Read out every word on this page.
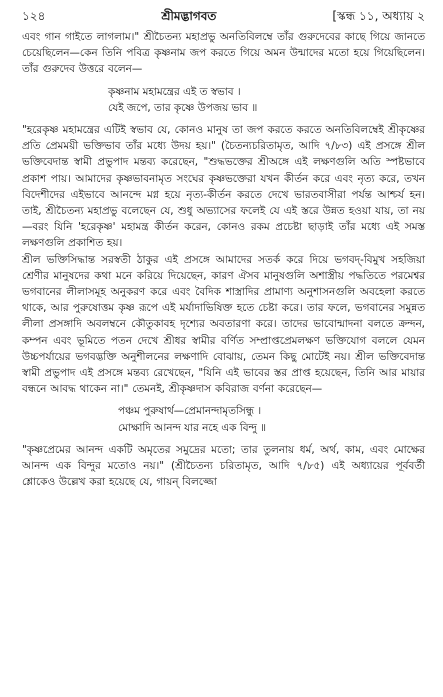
১২৪	শ্রীমদ্ভাগবত	[স্কন্ধ ১১, অধ্যায় ২

এবং গান গাইতে লাগলাম।" শ্রীচৈতন্য মহাপ্রভু অনতিবিলম্বে তাঁর গুরুদেবের কাছে গিয়ে জানতে চেয়েছিলেন—কেন তিনি পবিত্র কৃষ্ণনাম জপ করতে গিয়ে অমন উন্মাদের মতো হয়ে গিয়েছিলেন। তাঁর গুরুদেব উত্তরে বলেন—

কৃষ্ণনাম মহামন্ত্রের এই ত স্বভাব ।
যেই জপে, তার কৃষ্ণে উপজয় ভাব ॥

"হরেকৃষ্ণ মহামন্ত্রের এটিই স্বভাব যে, কোনও মানুষ তা জপ করতে করতে অনতিবিলম্বেই শ্রীকৃষ্ণের প্রতি প্রেমময়ী ভক্তিভাব তাঁর মধ্যে উদয় হয়।" (চৈতন্যচরিতামৃত, আদি ৭/৮৩) এই প্রসঙ্গে শ্রীল ভক্তিবেদান্ত স্বামী প্রভুপাদ মন্তব্য করেছেন, "শুদ্ধভক্তের শ্রীঅঙ্গে এই লক্ষণগুলি অতি স্পষ্টভাবে প্রকাশ পায়। আমাদের কৃষ্ণভাবনামৃত সংঘের কৃষ্ণভক্তেরা যখন কীর্তন করে এবং নৃত্য করে, তখন বিদেশীদের এইভাবে আনন্দে মগ্ন হয়ে নৃত্য-কীর্তন করতে দেখে ভারতবাসীরা পর্যন্ত আশ্চর্য হন। তাই, শ্রীচৈতন্য মহাপ্রভু বলেছেন যে, শুধু অভ্যাসের ফলেই যে এই স্তরে উন্নত হওয়া যায়, তা নয়—বরং যিনি 'হরেকৃষ্ণ' মহামন্ত্র কীর্তন করেন, কোনও রকম প্রচেষ্টা ছাড়াই তাঁর মধ্যে এই সমস্ত লক্ষণগুলি প্রকাশিত হয়।

শ্রীল ভক্তিসিদ্ধান্ত সরস্বতী ঠাকুর এই প্রসঙ্গে আমাদের সতর্ক করে দিয়ে ভগবদ্-বিমুখ সহজিয়া শ্রেণীর মানুষদের কথা মনে করিয়ে দিয়েছেন, কারণ ঐসব মানুষগুলি অশাস্ত্রীয় পদ্ধতিতে পরমেশ্বর ভগবানের লীলাসমূহ অনুকরণ করে এবং বৈদিক শাস্ত্রাদির প্রামাণ্য অনুশাসনগুলি অবহেলা করতে থাকে, আর পুরুষোত্তম কৃষ্ণ রূপে এই মর্যাদাভিষিক্ত হতে চেষ্টা করে। তার ফলে, ভগবানের সমুন্নত লীলা প্রসঙ্গাদি অবলম্বনে কৌতুকাবহ দৃশ্যের অবতারণা করে। তাদের ভাবোন্মাদনা বলতে ক্রন্দন, কম্পন এবং ভূমিতে পতন দেখে শ্রীধর স্বামীর বর্ণিত সম্প্রাপ্তপ্রেমলক্ষণ ভক্তিযোগ বললে যেমন উচ্চপর্যায়ের ভগবদ্ভক্তি অনুশীলনের লক্ষণাদি বোঝায়, তেমন কিছু মোটেই নয়। শ্রীল ভক্তিবেদান্ত স্বামী প্রভুপাদ এই প্রসঙ্গে মন্তব্য রেখেছেন, "যিনি এই ভাবের স্তর প্রাপ্ত হয়েছেন, তিনি আর মায়ার বন্ধনে আবদ্ধ থাকেন না।" তেমনই, শ্রীকৃষ্ণদাস কবিরাজ বর্ণনা করেছেন—

পঞ্চম পুরুষার্থ—প্রেমানন্দামৃতসিন্ধু ।
মোক্ষাদি আনন্দ যার নহে এক বিন্দু ॥

"কৃষ্ণপ্রেমের আনন্দ একটি অমৃতের সমুদ্রের মতো; তার তুলনায় ধর্ম, অর্থ, কাম, এবং মোক্ষের আনন্দ এক বিন্দুর মতোও নয়।" (শ্রীচৈতন্য চরিতামৃত, আদি ৭/৮৫) এই অধ্যায়ের পূর্ববর্তী শ্লোকেও উল্লেখ করা হয়েছে যে, গায়ন্ বিলজ্জো
